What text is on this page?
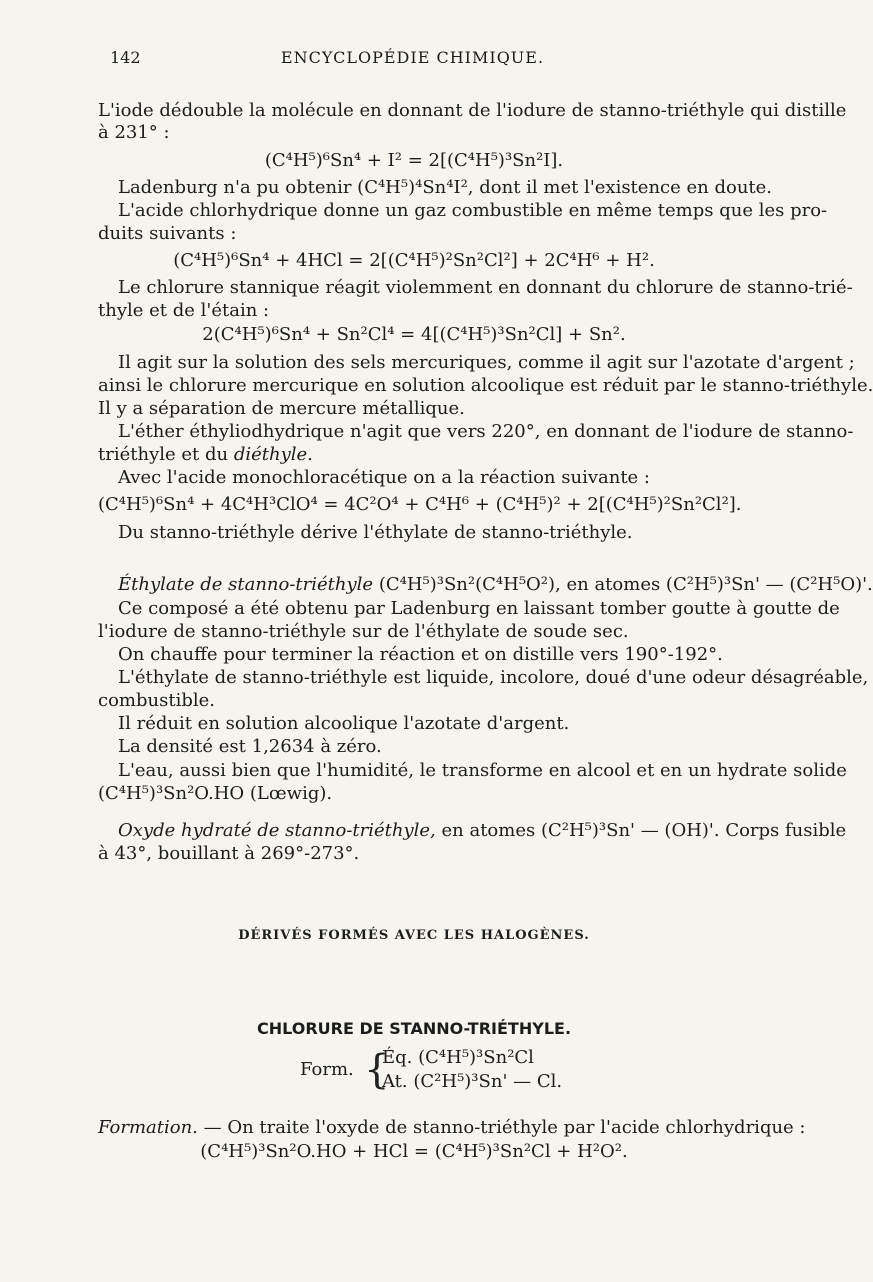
142	ENCYCLOPÉDIE CHIMIQUE.
L'iode dédouble la molécule en donnant de l'iodure de stanno-triéthyle qui distille
à 231° :
(C⁴H⁵)⁶Sn⁴ + I² = 2[(C⁴H⁵)³Sn²I].
Ladenburg n'a pu obtenir (C⁴H⁵)⁴Sn⁴I², dont il met l'existence en doute.
L'acide chlorhydrique donne un gaz combustible en même temps que les pro-
duits suivants :
(C⁴H⁵)⁶Sn⁴ + 4HCl = 2[(C⁴H⁵)²Sn²Cl²] + 2C⁴H⁶ + H².
Le chlorure stannique réagit violemment en donnant du chlorure de stanno-trié-
thyle et de l'étain :
2(C⁴H⁵)⁶Sn⁴ + Sn²Cl⁴ = 4[(C⁴H⁵)³Sn²Cl] + Sn².
Il agit sur la solution des sels mercuriques, comme il agit sur l'azotate d'argent ;
ainsi le chlorure mercurique en solution alcoolique est réduit par le stanno-triéthyle.
Il y a séparation de mercure métallique.
L'éther éthyliodhydrique n'agit que vers 220°, en donnant de l'iodure de stanno-
triéthyle et du diéthyle.
Avec l'acide monochloracétique on a la réaction suivante :
(C⁴H⁵)⁶Sn⁴ + 4C⁴H³ClO⁴ = 4C²O⁴ + C⁴H⁶ + (C⁴H⁵)² + 2[(C⁴H⁵)²Sn²Cl²].
Du stanno-triéthyle dérive l'éthylate de stanno-triéthyle.
Éthylate de stanno-triéthyle (C⁴H⁵)³Sn²(C⁴H⁵O²), en atomes (C²H⁵)³Sn' — (C²H⁵O)'.
Ce composé a été obtenu par Ladenburg en laissant tomber goutte à goutte de
l'iodure de stanno-triéthyle sur de l'éthylate de soude sec.
On chauffe pour terminer la réaction et on distille vers 190°-192°.
L'éthylate de stanno-triéthyle est liquide, incolore, doué d'une odeur désagréable,
combustible.
Il réduit en solution alcoolique l'azotate d'argent.
La densité est 1,2634 à zéro.
L'eau, aussi bien que l'humidité, le transforme en alcool et en un hydrate solide
(C⁴H⁵)³Sn²O.HO (Lœwig).
Oxyde hydraté de stanno-triéthyle, en atomes (C²H⁵)³Sn' — (OH)'. Corps fusible
à 43°, bouillant à 269°-273°.
DÉRIVÉS FORMÉS AVEC LES HALOGÈNES.
CHLORURE DE STANNO-TRIÉTHYLE.
Form. {
Éq. (C⁴H⁵)³Sn²Cl
At. (C²H⁵)³Sn' — Cl.
Formation. — On traite l'oxyde de stanno-triéthyle par l'acide chlorhydrique :
(C⁴H⁵)³Sn²O.HO + HCl = (C⁴H⁵)³Sn²Cl + H²O².
